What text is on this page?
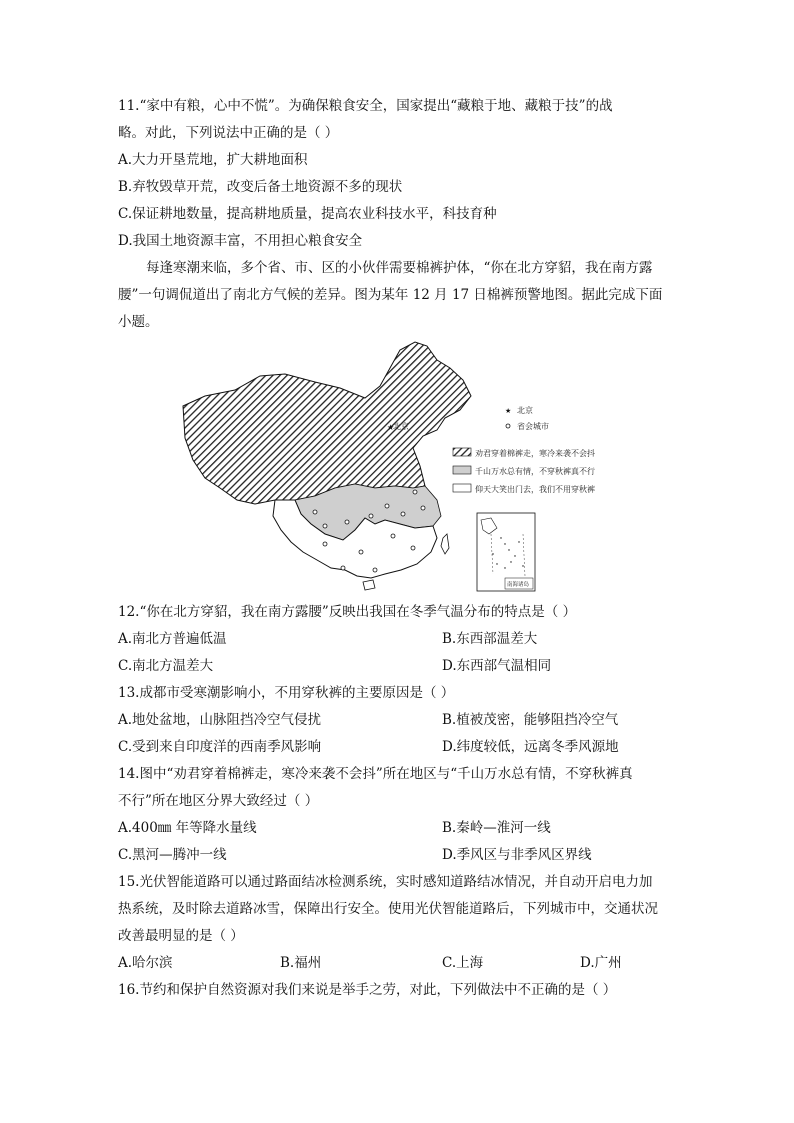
11.“家中有粮，心中不慌”。为确保粮食安全，国家提出“藏粮于地、藏粮于技”的战
略。对此，下列说法中正确的是（ ）
A.大力开垦荒地，扩大耕地面积
B.弃牧毁草开荒，改变后备土地资源不多的现状
C.保证耕地数量，提高耕地质量，提高农业科技水平，科技育种
D.我国土地资源丰富，不用担心粮食安全
每逢寒潮来临，多个省、市、区的小伙伴需要棉裤护体，“你在北方穿貂，我在南方露
腰”一句调侃道出了南北方气候的差异。图为某年 12 月 17 日棉裤预警地图。据此完成下面
小题。
★
北京
★ 北京
省会城市
劝君穿着棉裤走，寒冷来袭不会抖
千山万水总有情，不穿秋裤真不行
仰天大笑出门去，我们不用穿秋裤
南海诸岛
12.“你在北方穿貂，我在南方露腰”反映出我国在冬季气温分布的特点是（ ）
A.南北方普遍低温	B.东西部温差大
C.南北方温差大	D.东西部气温相同
13.成都市受寒潮影响小，不用穿秋裤的主要原因是（ ）
A.地处盆地，山脉阻挡冷空气侵扰	B.植被茂密，能够阻挡冷空气
C.受到来自印度洋的西南季风影响	D.纬度较低，远离冬季风源地
14.图中“劝君穿着棉裤走，寒冷来袭不会抖”所在地区与“千山万水总有情，不穿秋裤真
不行”所在地区分界大致经过（ ）
A.400㎜ 年等降水量线	B.秦岭—淮河一线
C.黑河—腾冲一线	D.季风区与非季风区界线
15.光伏智能道路可以通过路面结冰检测系统，实时感知道路结冰情况，并自动开启电力加
热系统，及时除去道路冰雪，保障出行安全。使用光伏智能道路后，下列城市中，交通状况
改善最明显的是（ ）
A.哈尔滨	B.福州	C.上海	D.广州
16.节约和保护自然资源对我们来说是举手之劳，对此，下列做法中不正确的是（ ）
